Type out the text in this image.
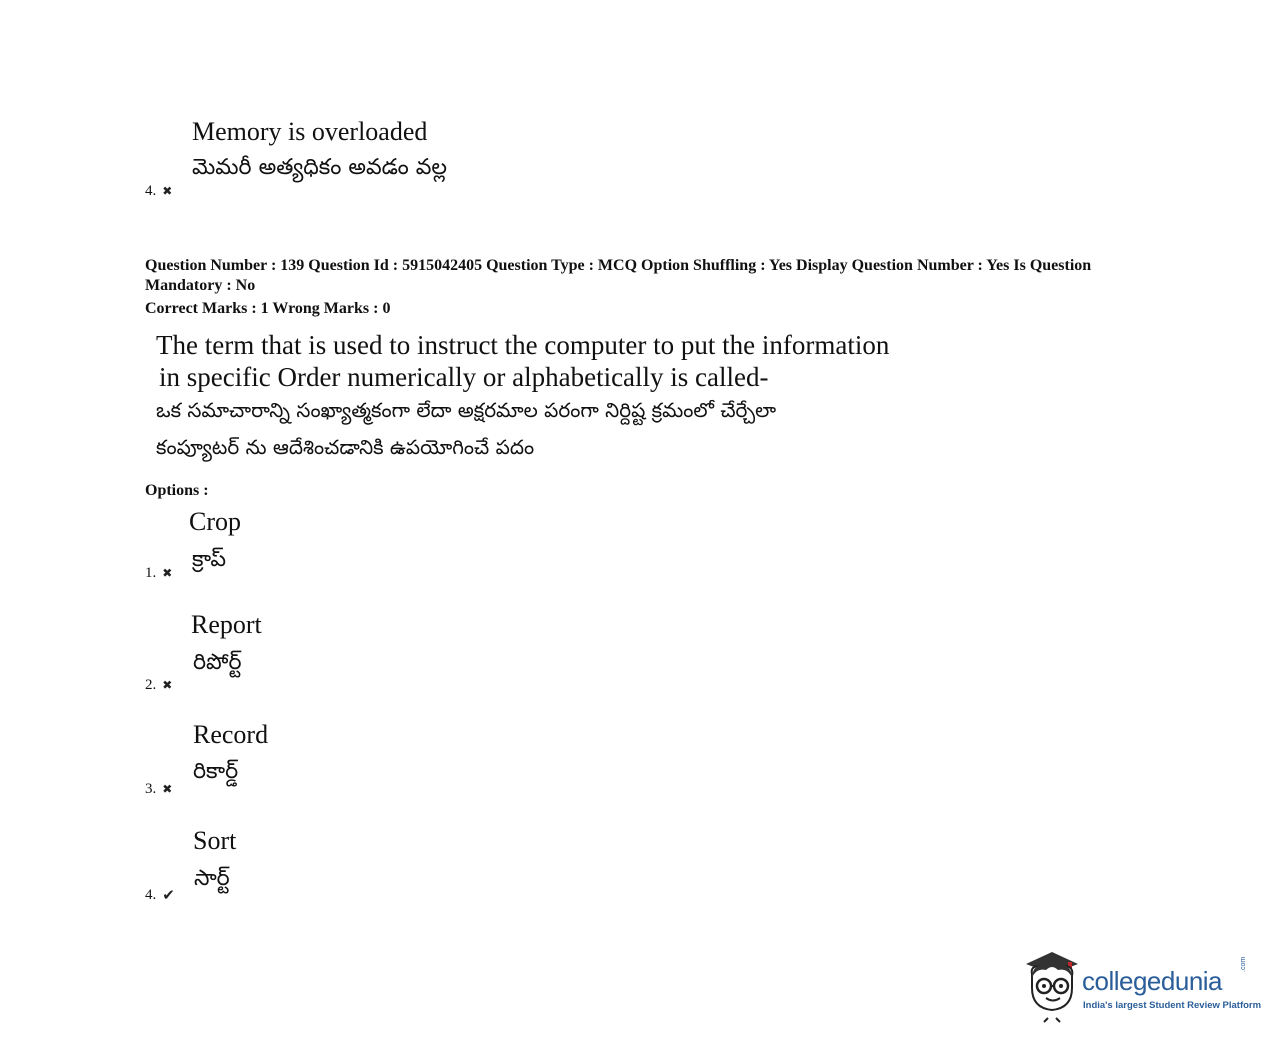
Memory is overloaded
మెమరీ అత్యధికం అవడం వల్ల
4. ✖
Question Number : 139 Question Id : 5915042405 Question Type : MCQ Option Shuffling : Yes Display Question Number : Yes Is Question Mandatory : No
Correct Marks : 1 Wrong Marks : 0
The term that is used to instruct the computer to put the information
in specific Order numerically or alphabetically is called-
ఒక సమాచారాన్ని సంఖ్యాత్మకంగా లేదా అక్షరమాల పరంగా నిర్దిష్ట క్రమంలో చేర్చేలా
కంప్యూటర్ ను ఆదేశించడానికి ఉపయోగించే పదం
Options :
Crop
క్రాప్
1. ✖
Report
రిపోర్ట్
2. ✖
Record
రికార్డ్
3. ✖
Sort
సార్ట్
4. ✔
collegedunia
.com
India's largest Student Review Platform
